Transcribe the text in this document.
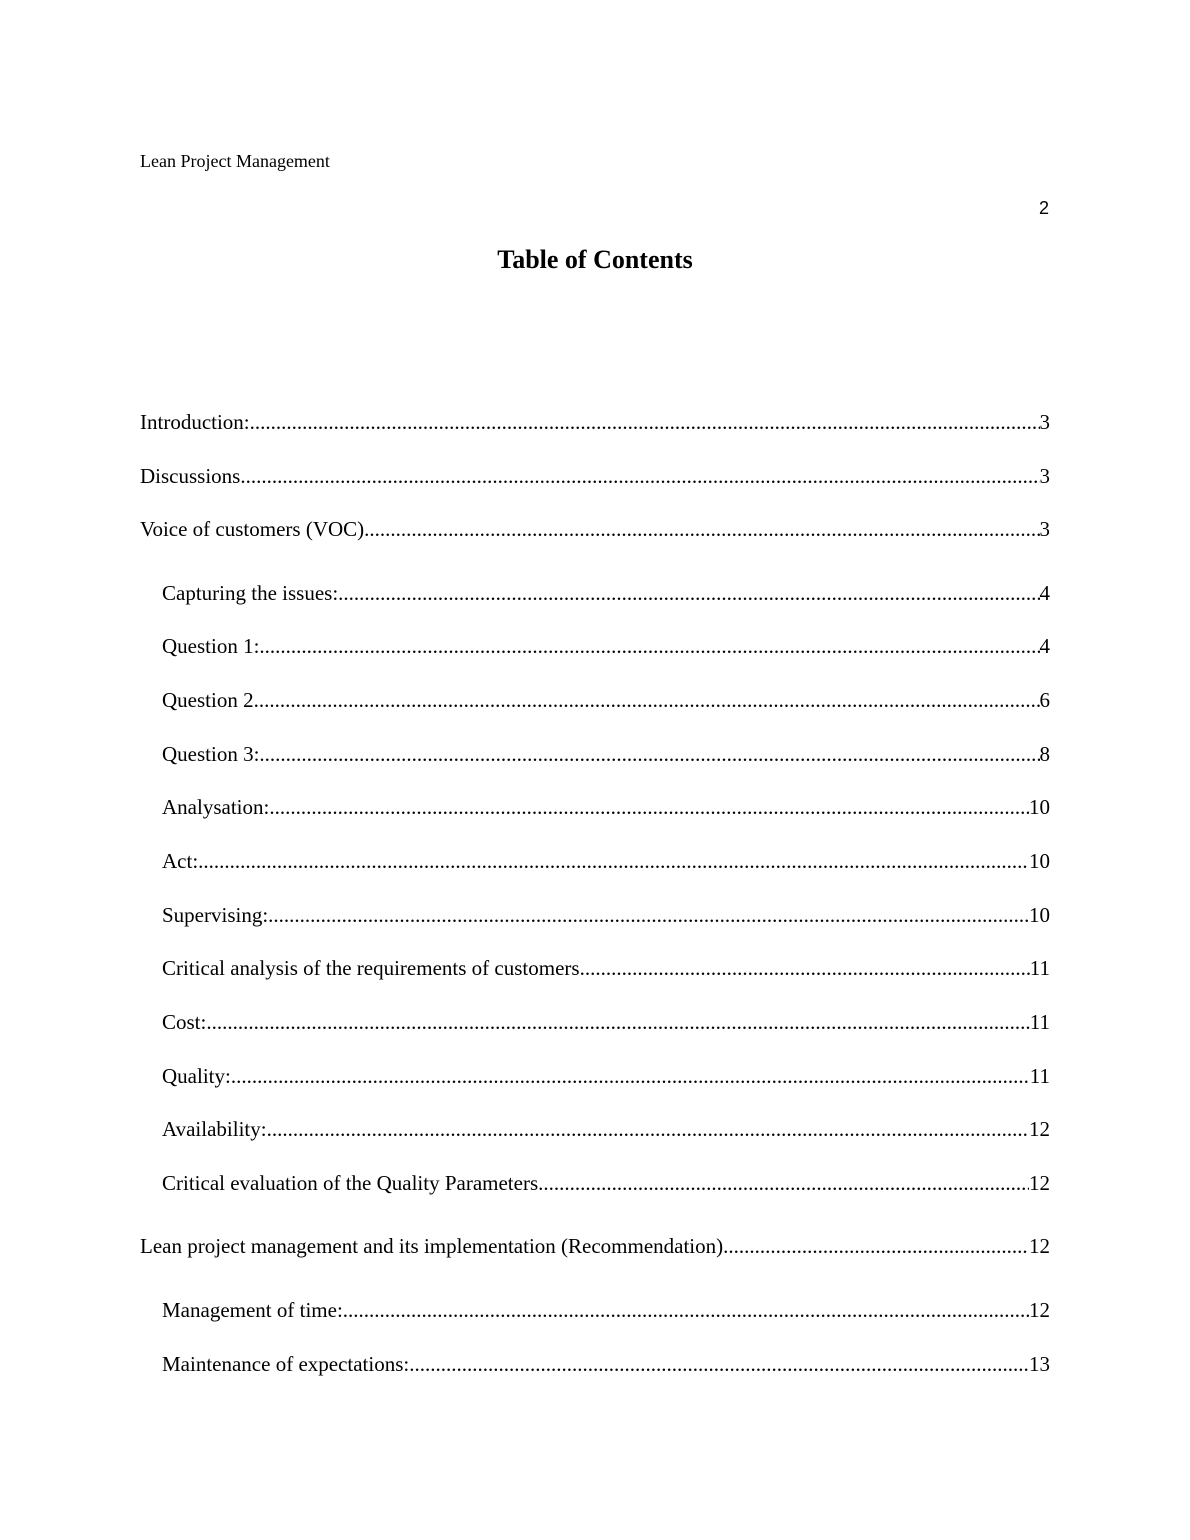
Lean Project Management
2
Table of Contents
Introduction: .....	3
Discussions .....	3
Voice of customers (VOC) .....	3
Capturing the issues: .....	4
Question 1: .....	4
Question 2 .....	6
Question 3: .....	8
Analysation: .....	10
Act: .....	10
Supervising: .....	10
Critical analysis of the requirements of customers .....	11
Cost: .....	11
Quality: .....	11
Availability: .....	12
Critical evaluation of the Quality Parameters .....	12
Lean project management and its implementation (Recommendation) .....	12
Management of time: .....	12
Maintenance of expectations: .....	13
